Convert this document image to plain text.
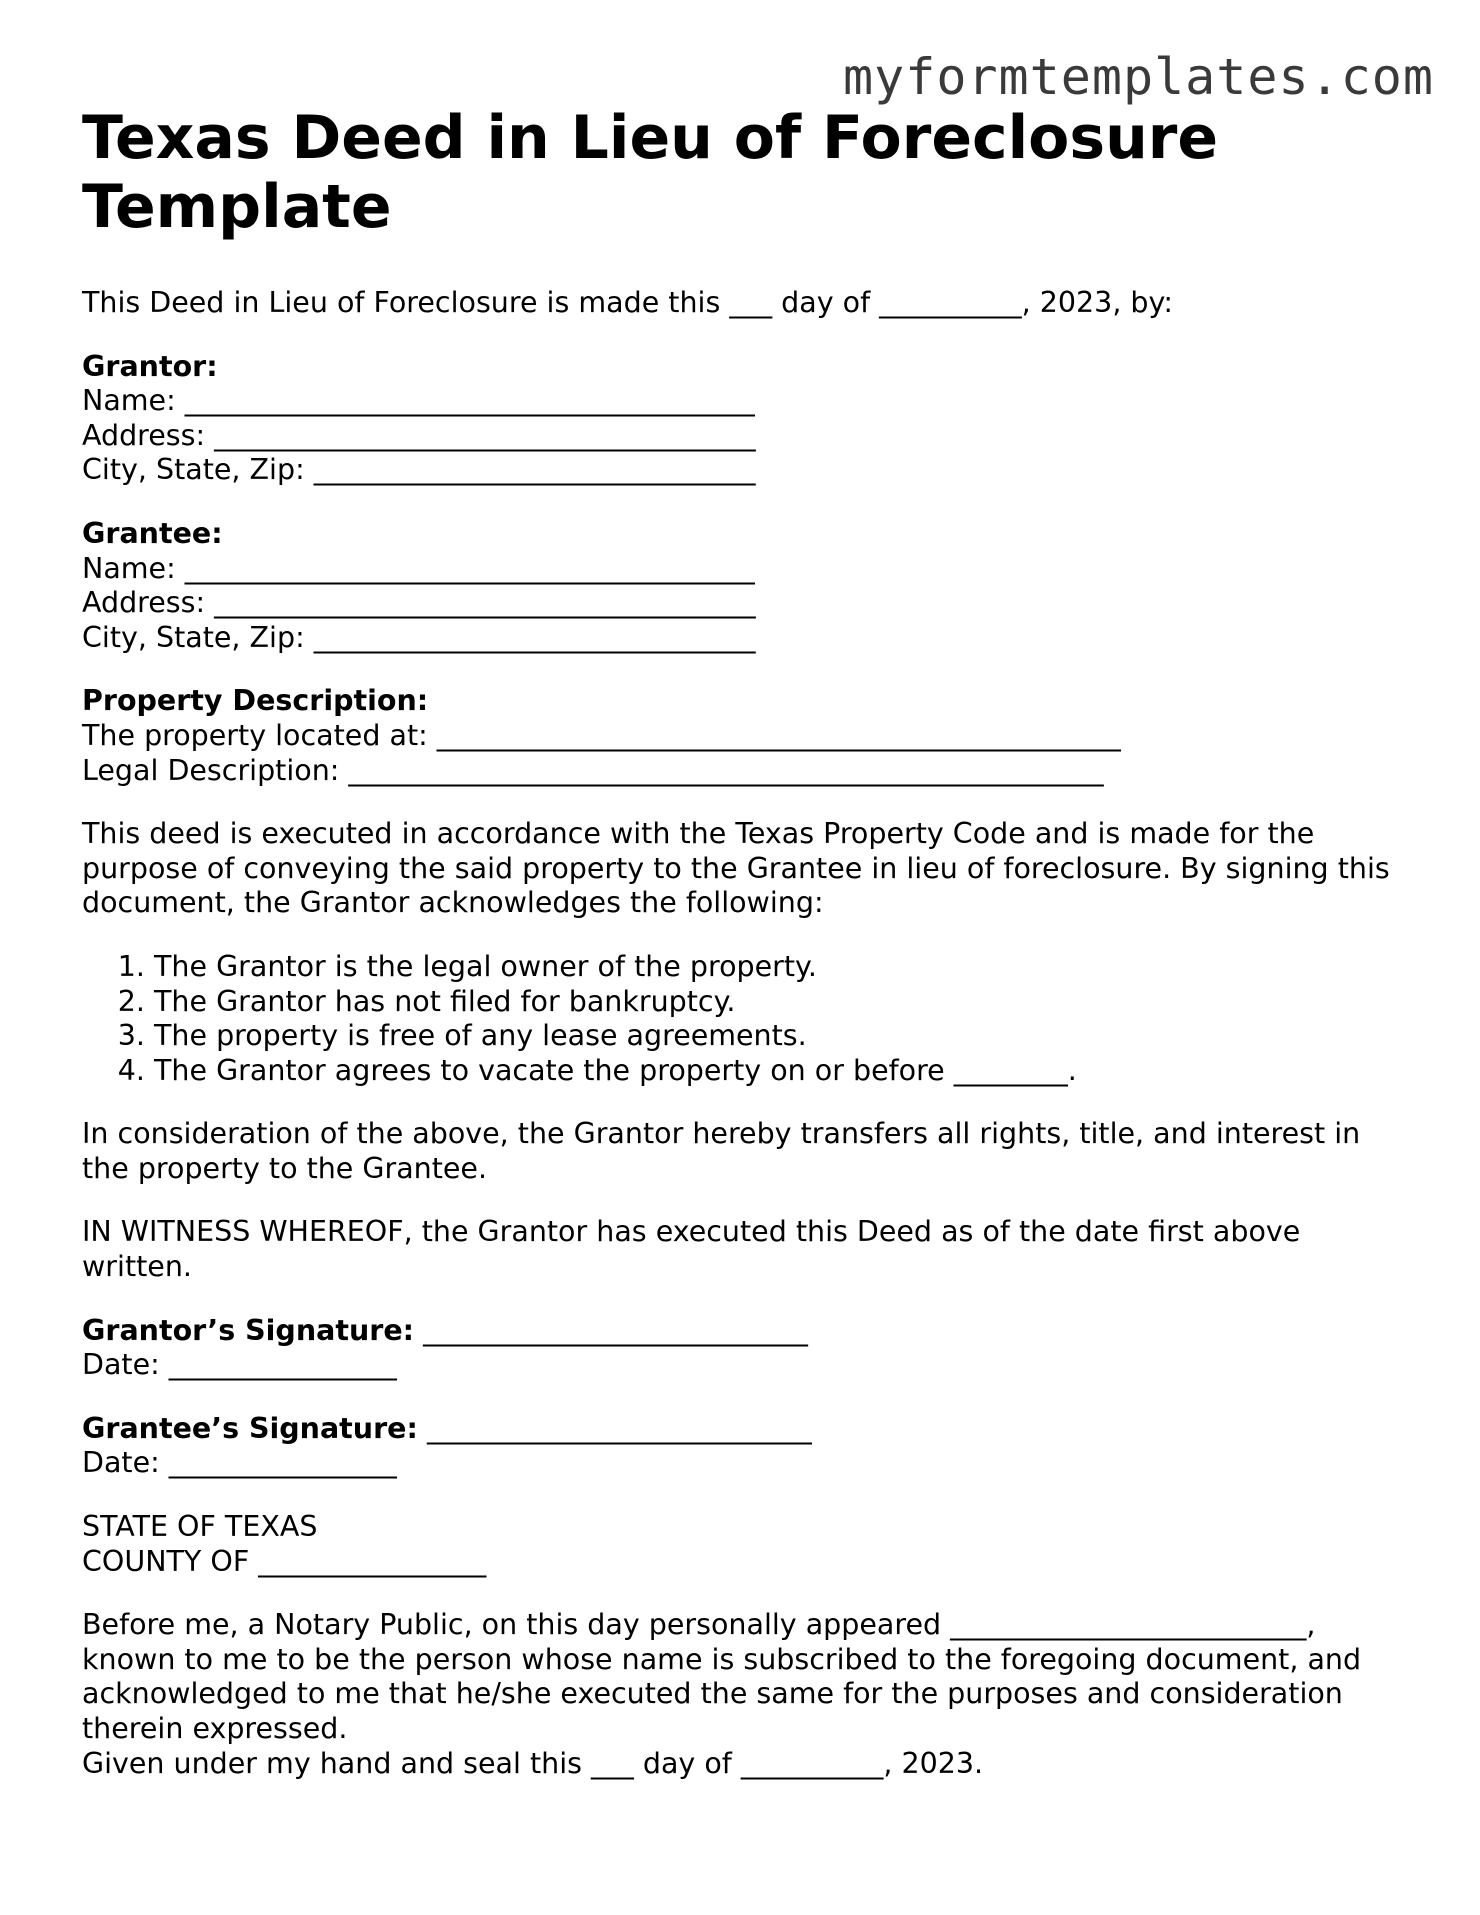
myformtemplates.com
Texas Deed in Lieu of Foreclosure Template

This Deed in Lieu of Foreclosure is made this ___ day of __________, 2023, by:

Grantor:
Name: ________________________________________
Address: ______________________________________
City, State, Zip: _______________________________
Grantee:
Name: ________________________________________
Address: ______________________________________
City, State, Zip: _______________________________
Property Description:
The property located at: ________________________________________________
Legal Description: _____________________________________________________

This deed is executed in accordance with the Texas Property Code and is made for the purpose of conveying the said property to the Grantee in lieu of foreclosure. By signing this document, the Grantor acknowledges the following:

1. The Grantor is the legal owner of the property.
2. The Grantor has not filed for bankruptcy.
3. The property is free of any lease agreements.
4. The Grantor agrees to vacate the property on or before ________.

In consideration of the above, the Grantor hereby transfers all rights, title, and interest in the property to the Grantee.

IN WITNESS WHEREOF, the Grantor has executed this Deed as of the date first above written.

Grantor’s Signature: ___________________________
Date: ________________
Grantee’s Signature: ___________________________
Date: ________________
STATE OF TEXAS
COUNTY OF ________________
Before me, a Notary Public, on this day personally appeared _________________________, known to me to be the person whose name is subscribed to the foregoing document, and acknowledged to me that he/she executed the same for the purposes and consideration therein expressed.
Given under my hand and seal this ___ day of __________, 2023.
